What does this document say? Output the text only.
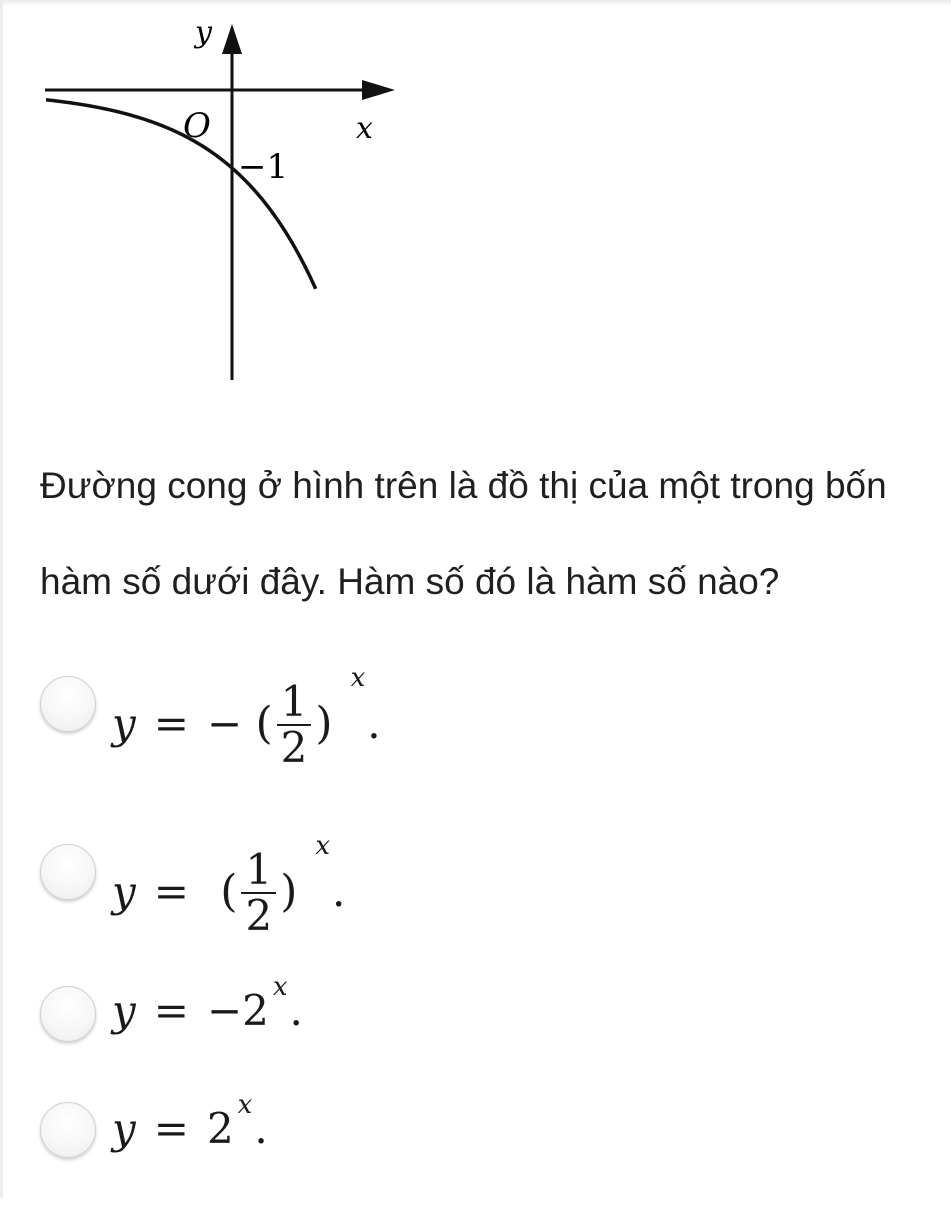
y
x
O
−1
Đường cong ở hình trên là đồ thị của một trong bốn hàm số dưới đây. Hàm số đó là hàm số nào?
y = − ( $\frac{1}{2} )^x$.
y = ( $\frac{1}{2} )^x$.
y = −2 $^x$.
y = 2 $^x$.
